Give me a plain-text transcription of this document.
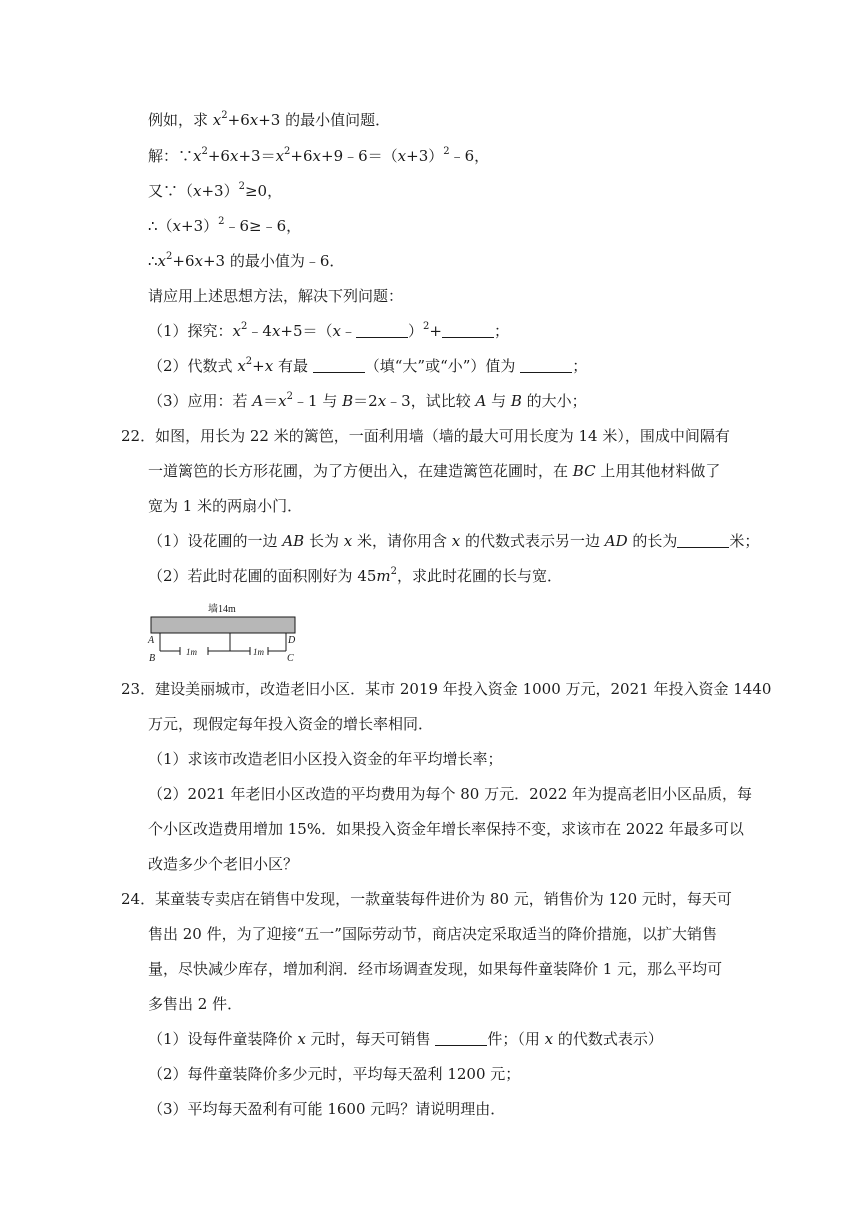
例如，求 $x^2+6x+3$ 的最小值问题．
解：$\because x^2+6x+3=x^2+6x+9﹣6=(x+3)^2﹣6$，
又$\because(x+3)^2\ge 0$，
$\therefore(x+3)^2﹣6\ge﹣6$，
$\therefore x^2+6x+3$ 的最小值为﹣6．
请应用上述思想方法，解决下列问题：
（1）探究：$x^2﹣4x+5=(x﹣$	）$^2$+	；
（2）代数式 $x^2+x$ 有最	（填“大”或“小”）值为	；
（3）应用：若 $A=x^2﹣1$ 与 B＝2x﹣3，试比较 A 与 B 的大小；
22．如图，用长为 22 米的篱笆，一面利用墙（墙的最大可用长度为 14 米），围成中间隔有
一道篱笆的长方形花圃，为了方便出入，在建造篱笆花圃时，在 BC 上用其他材料做了
宽为 1 米的两扇小门．
（1）设花圃的一边 AB 长为 x 米，请你用含 x 的代数式表示另一边 AD 的长为	米；
（2）若此时花圃的面积刚好为 $45m^2$，求此时花圃的长与宽．
墙14m
1m	1m
A	D
B	C
23．建设美丽城市，改造老旧小区．某市 2019 年投入资金 1000 万元，2021 年投入资金 1440
万元，现假定每年投入资金的增长率相同．
（1）求该市改造老旧小区投入资金的年平均增长率；
（2）2021 年老旧小区改造的平均费用为每个 80 万元．2022 年为提高老旧小区品质，每
个小区改造费用增加 15%．如果投入资金年增长率保持不变，求该市在 2022 年最多可以
改造多少个老旧小区？
24．某童装专卖店在销售中发现，一款童装每件进价为 80 元，销售价为 120 元时，每天可
售出 20 件，为了迎接“五一”国际劳动节，商店决定采取适当的降价措施，以扩大销售
量，尽快减少库存，增加利润．经市场调查发现，如果每件童装降价 1 元，那么平均可
多售出 2 件．
（1）设每件童装降价 x 元时，每天可销售	件；（用 x 的代数式表示）
（2）每件童装降价多少元时，平均每天盈利 1200 元；
（3）平均每天盈利有可能 1600 元吗？请说明理由．
